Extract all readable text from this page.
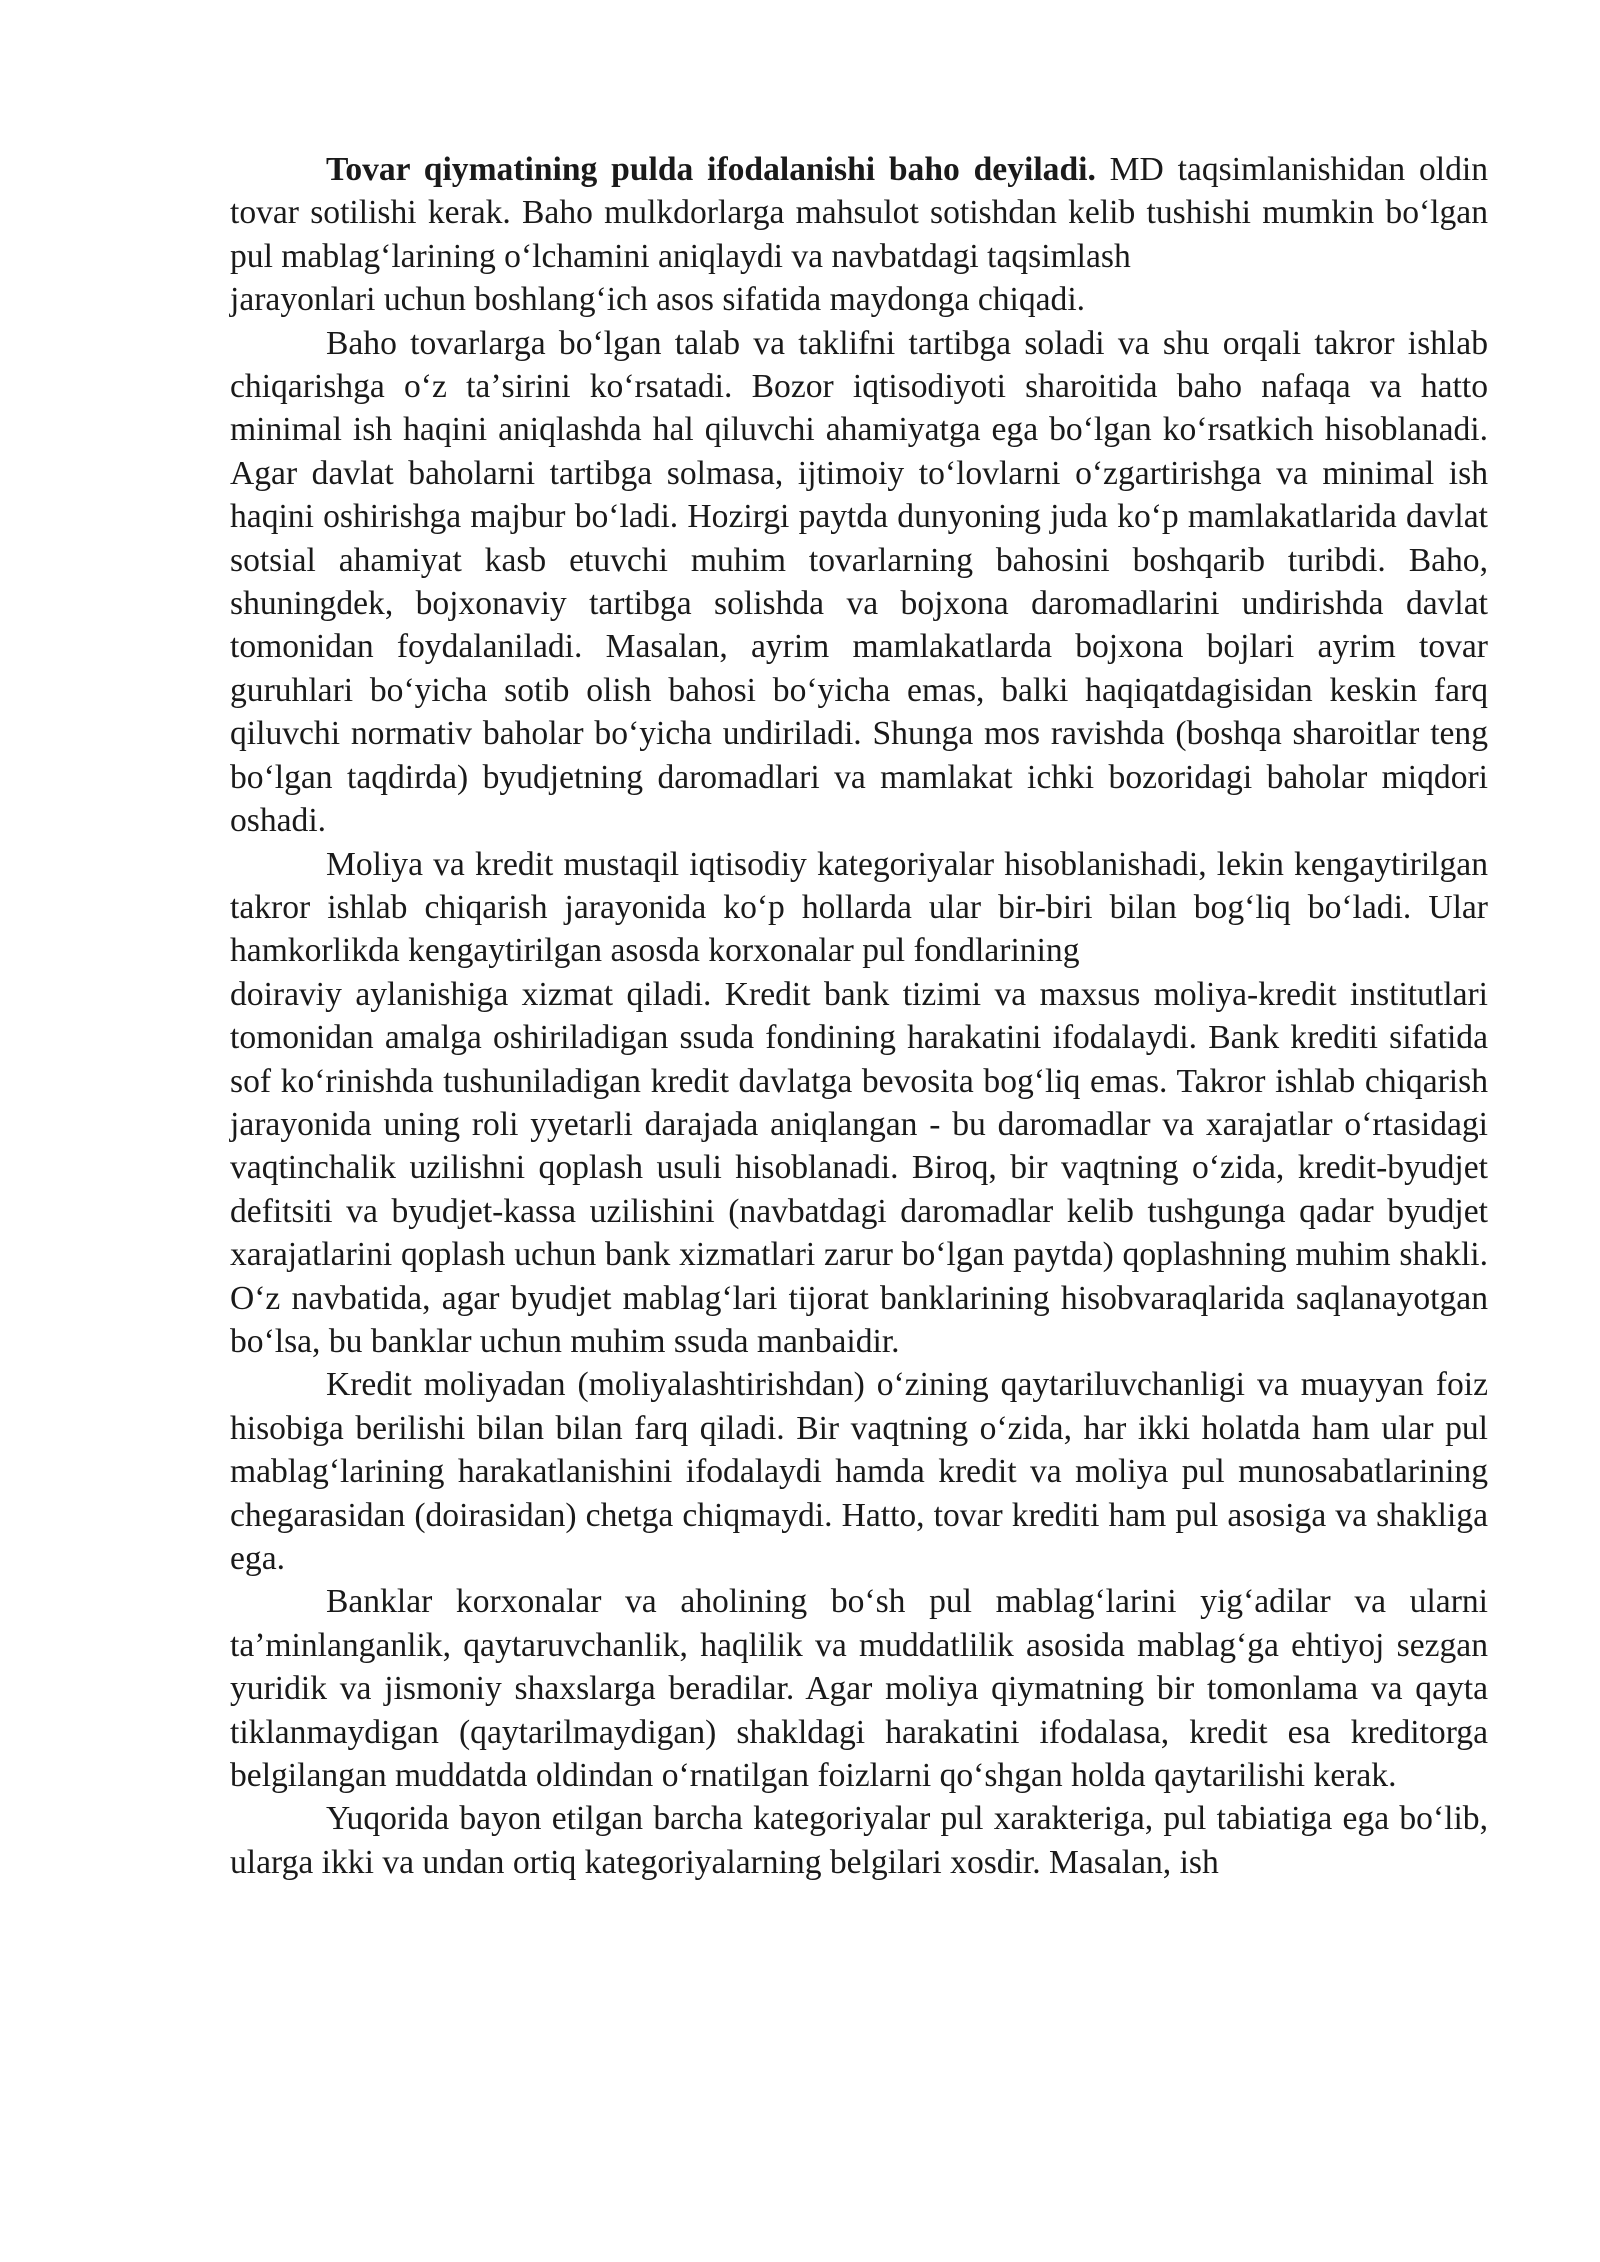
Tovar qiymatining pulda ifodalanishi baho deyiladi. MD taqsimlanishidan oldin tovar sotilishi kerak. Baho mulkdorlarga mahsulot sotishdan kelib tushishi mumkin boʻlgan pul mablagʻlarining oʻlchamini aniqlaydi va navbatdagi taqsimlash
jarayonlari uchun boshlangʻich asos sifatida maydonga chiqadi.

Baho tovarlarga boʻlgan talab va taklifni tartibga soladi va shu orqali takror ishlab chiqarishga oʻz taʼsirini koʻrsatadi. Bozor iqtisodiyoti sharoitida baho nafaqa va hatto minimal ish haqini aniqlashda hal qiluvchi ahamiyatga ega boʻlgan koʻrsatkich hisoblanadi. Agar davlat baholarni tartibga solmasa, ijtimoiy toʻlovlarni oʻzgartirishga va minimal ish haqini oshirishga majbur boʻladi. Hozirgi paytda dunyoning juda koʻp mamlakatlarida davlat sotsial ahamiyat kasb etuvchi muhim tovarlarning bahosini boshqarib turibdi. Baho, shuningdek, bojxonaviy tartibga solishda va bojxona daromadlarini undirishda davlat tomonidan foydalaniladi. Masalan, ayrim mamlakatlarda bojxona bojlari ayrim tovar guruhlari boʻyicha sotib olish bahosi boʻyicha emas, balki haqiqatdagisidan keskin farq qiluvchi normativ baholar boʻyicha undiriladi. Shunga mos ravishda (boshqa sharoitlar teng boʻlgan taqdirda) byudjetning daromadlari va mamlakat ichki bozoridagi baholar miqdori oshadi.

Moliya va kredit mustaqil iqtisodiy kategoriyalar hisoblanishadi, lekin kengaytirilgan takror ishlab chiqarish jarayonida koʻp hollarda ular bir-biri bilan bogʻliq boʻladi. Ular hamkorlikda kengaytirilgan asosda korxonalar pul fondlarining
doiraviy aylanishiga xizmat qiladi. Kredit bank tizimi va maxsus moliya-kredit institutlari tomonidan amalga oshiriladigan ssuda fondining harakatini ifodalaydi. Bank krediti sifatida sof koʻrinishda tushuniladigan kredit davlatga bevosita bogʻliq emas. Takror ishlab chiqarish jarayonida uning roli yyetarli darajada aniqlangan - bu daromadlar va xarajatlar oʻrtasidagi vaqtinchalik uzilishni qoplash usuli hisoblanadi. Biroq, bir vaqtning oʻzida, kredit-byudjet defitsiti va byudjet-kassa uzilishini (navbatdagi daromadlar kelib tushgunga qadar byudjet xarajatlarini qoplash uchun bank xizmatlari zarur boʻlgan paytda) qoplashning muhim shakli. Oʻz navbatida, agar byudjet mablagʻlari tijorat banklarining hisobvaraqlarida saqlanayotgan boʻlsa, bu banklar uchun muhim ssuda manbaidir.

Kredit moliyadan (moliyalashtirishdan) oʻzining qaytariluvchanligi va muayyan foiz hisobiga berilishi bilan bilan farq qiladi. Bir vaqtning oʻzida, har ikki holatda ham ular pul mablagʻlarining harakatlanishini ifodalaydi hamda kredit va moliya pul munosabatlarining chegarasidan (doirasidan) chetga chiqmaydi. Hatto, tovar krediti ham pul asosiga va shakliga ega.

Banklar korxonalar va aholining boʻsh pul mablagʻlarini yigʻadilar va ularni taʼminlanganlik, qaytaruvchanlik, haqlilik va muddatlilik asosida mablagʻga ehtiyoj sezgan yuridik va jismoniy shaxslarga beradilar. Agar moliya qiymatning bir tomonlama va qayta tiklanmaydigan (qaytarilmaydigan) shakldagi harakatini ifodalasa, kredit esa kreditorga belgilangan muddatda oldindan oʻrnatilgan foizlarni qoʻshgan holda qaytarilishi kerak.

Yuqorida bayon etilgan barcha kategoriyalar pul xarakteriga, pul tabiatiga ega boʻlib, ularga ikki va undan ortiq kategoriyalarning belgilari xosdir. Masalan, ish
